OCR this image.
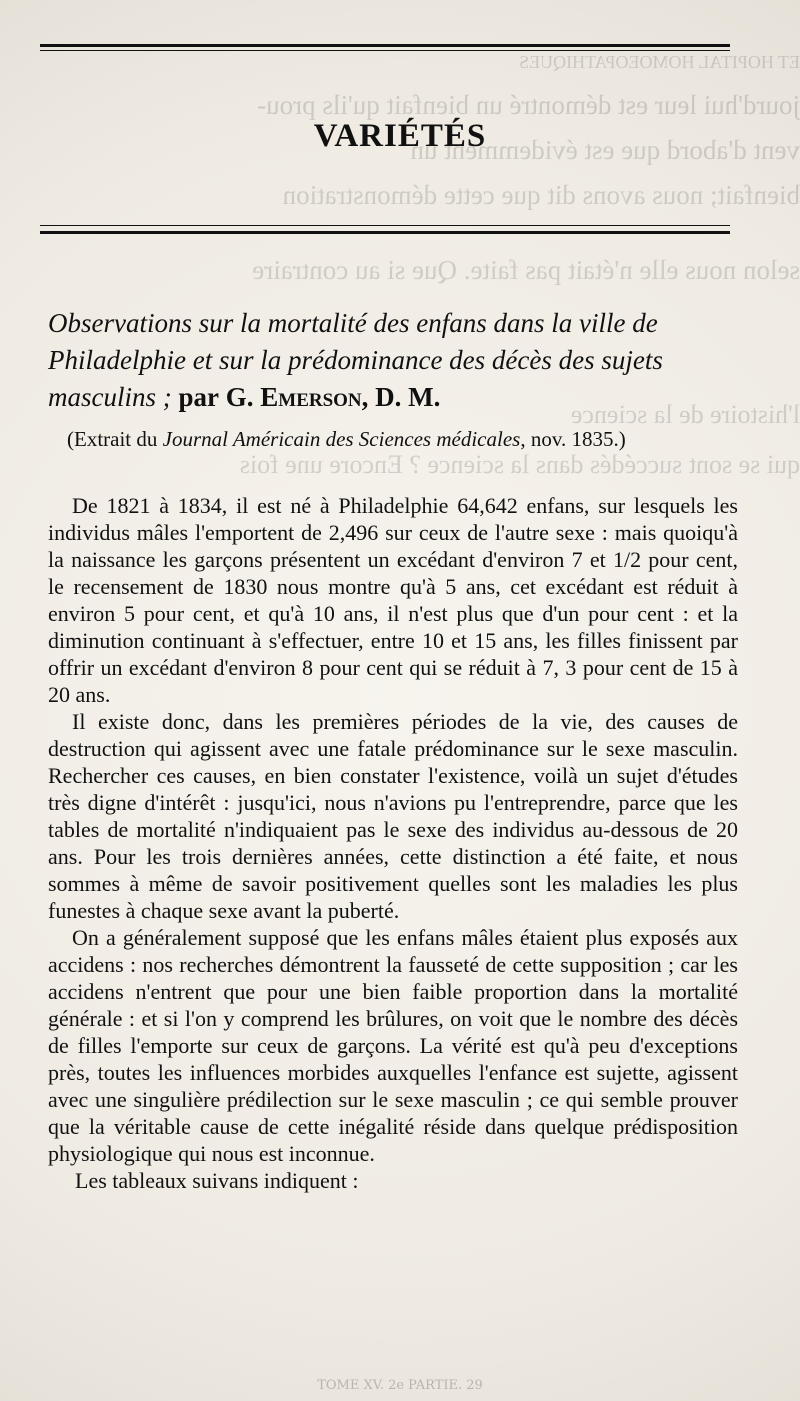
ET HOPITAL HOMOEOPATHIQUES
jourd'hui leur est démontré un bienfait qu'ils prou-
vent d'abord que est évidemment un
bienfait; nous avons dit que cette démonstration
selon nous elle n'était pas faite. Que si au contraire
l'histoire de la science
qui se sont succédés dans la science ? Encore une fois
VARIÉTÉS
Observations sur la mortalité des enfans dans la ville de Philadelphie et sur la prédominance des décès des sujets masculins ; par G. Emerson, D. M.
(Extrait du Journal Américain des Sciences médicales, nov. 1835.)

De 1821 à 1834, il est né à Philadelphie 64,642 enfans, sur lesquels les individus mâles l'emportent de 2,496 sur ceux de l'autre sexe : mais quoiqu'à la naissance les garçons présentent un excédant d'environ 7 et 1/2 pour cent, le recensement de 1830 nous montre qu'à 5 ans, cet excédant est réduit à environ 5 pour cent, et qu'à 10 ans, il n'est plus que d'un pour cent : et la diminution continuant à s'effectuer, entre 10 et 15 ans, les filles finissent par offrir un excédant d'environ 8 pour cent qui se réduit à 7, 3 pour cent de 15 à 20 ans.

Il existe donc, dans les premières périodes de la vie, des causes de destruction qui agissent avec une fatale prédominance sur le sexe masculin. Rechercher ces causes, en bien constater l'existence, voilà un sujet d'études très digne d'intérêt : jusqu'ici, nous n'avions pu l'entreprendre, parce que les tables de mortalité n'indiquaient pas le sexe des individus au-dessous de 20 ans. Pour les trois dernières années, cette distinction a été faite, et nous sommes à même de savoir positivement quelles sont les maladies les plus funestes à chaque sexe avant la puberté.

On a généralement supposé que les enfans mâles étaient plus exposés aux accidens : nos recherches démontrent la fausseté de cette supposition ; car les accidens n'entrent que pour une bien faible proportion dans la mortalité générale : et si l'on y comprend les brûlures, on voit que le nombre des décès de filles l'emporte sur ceux de garçons. La vérité est qu'à peu d'exceptions près, toutes les influences morbides auxquelles l'enfance est sujette, agissent avec une singulière prédilection sur le sexe masculin ; ce qui semble prouver que la véritable cause de cette inégalité réside dans quelque prédisposition physiologique qui nous est inconnue.

Les tableaux suivans indiquent :

TOME XV. 2e PARTIE. 29
